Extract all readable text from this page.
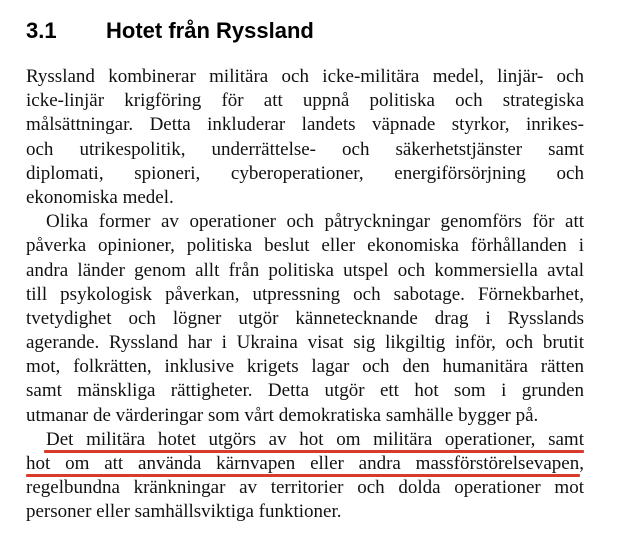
3.1 Hotet från Ryssland
Ryssland kombinerar militära och icke-militära medel, linjär- och
icke-linjär krigföring för att uppnå politiska och strategiska
målsättningar. Detta inkluderar landets väpnade styrkor, inrikes-
och utrikespolitik, underrättelse- och säkerhetstjänster samt
diplomati, spioneri, cyberoperationer, energiförsörjning och
ekonomiska medel.
Olika former av operationer och påtryckningar genomförs för att
påverka opinioner, politiska beslut eller ekonomiska förhållanden i
andra länder genom allt från politiska utspel och kommersiella avtal
till psykologisk påverkan, utpressning och sabotage. Förnekbarhet,
tvetydighet och lögner utgör kännetecknande drag i Rysslands
agerande. Ryssland har i Ukraina visat sig likgiltig inför, och brutit
mot, folkrätten, inklusive krigets lagar och den humanitära rätten
samt mänskliga rättigheter. Detta utgör ett hot som i grunden
utmanar de värderingar som vårt demokratiska samhälle bygger på.
Det militära hotet utgörs av hot om militära operationer, samt
hot om att använda kärnvapen eller andra massförstörelsevapen,
regelbundna kränkningar av territorier och dolda operationer mot
personer eller samhällsviktiga funktioner.
